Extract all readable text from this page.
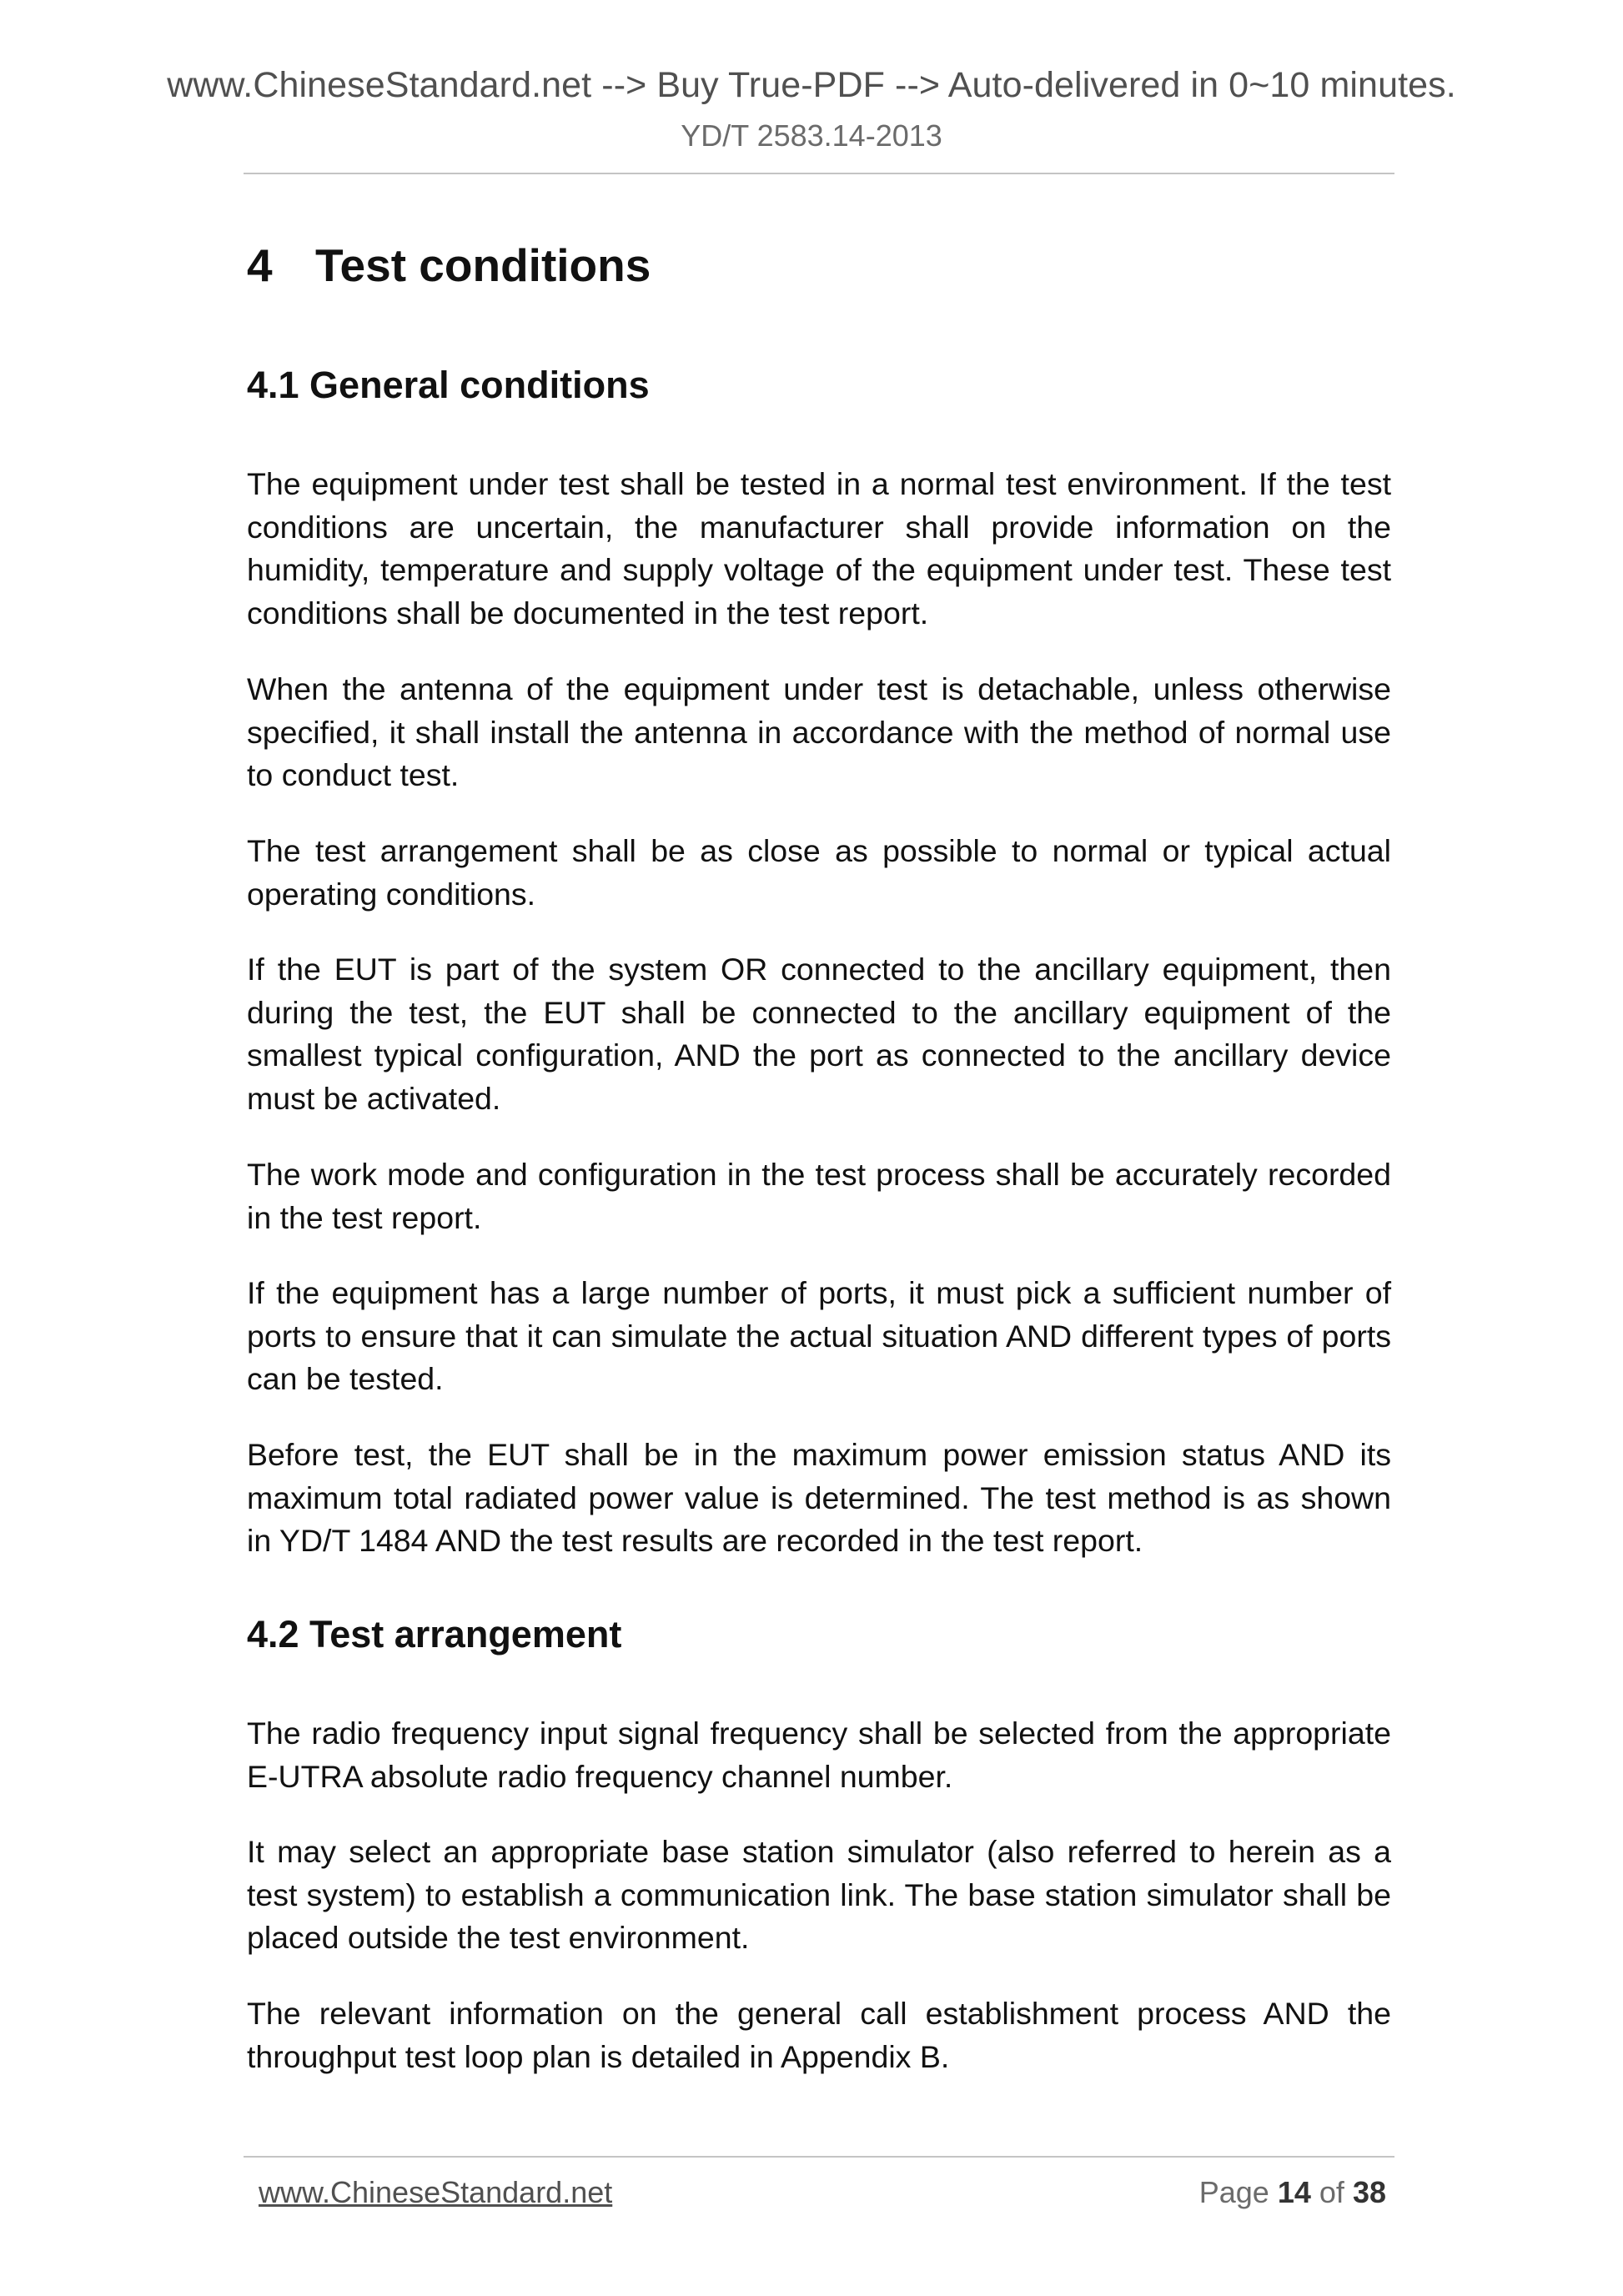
www.ChineseStandard.net --> Buy True-PDF --> Auto-delivered in 0~10 minutes.
YD/T 2583.14-2013
4 Test conditions
4.1 General conditions

The equipment under test shall be tested in a normal test environment. If the test conditions are uncertain, the manufacturer shall provide information on the humidity, temperature and supply voltage of the equipment under test. These test conditions shall be documented in the test report.

When the antenna of the equipment under test is detachable, unless otherwise specified, it shall install the antenna in accordance with the method of normal use to conduct test.

The test arrangement shall be as close as possible to normal or typical actual operating conditions.

If the EUT is part of the system OR connected to the ancillary equipment, then during the test, the EUT shall be connected to the ancillary equipment of the smallest typical configuration, AND the port as connected to the ancillary device must be activated.

The work mode and configuration in the test process shall be accurately recorded in the test report.

If the equipment has a large number of ports, it must pick a sufficient number of ports to ensure that it can simulate the actual situation AND different types of ports can be tested.

Before test, the EUT shall be in the maximum power emission status AND its maximum total radiated power value is determined. The test method is as shown in YD/T 1484 AND the test results are recorded in the test report.

4.2 Test arrangement

The radio frequency input signal frequency shall be selected from the appropriate E-UTRA absolute radio frequency channel number.

It may select an appropriate base station simulator (also referred to herein as a test system) to establish a communication link. The base station simulator shall be placed outside the test environment.

The relevant information on the general call establishment process AND the throughput test loop plan is detailed in Appendix B.

www.ChineseStandard.net	Page 14 of 38
